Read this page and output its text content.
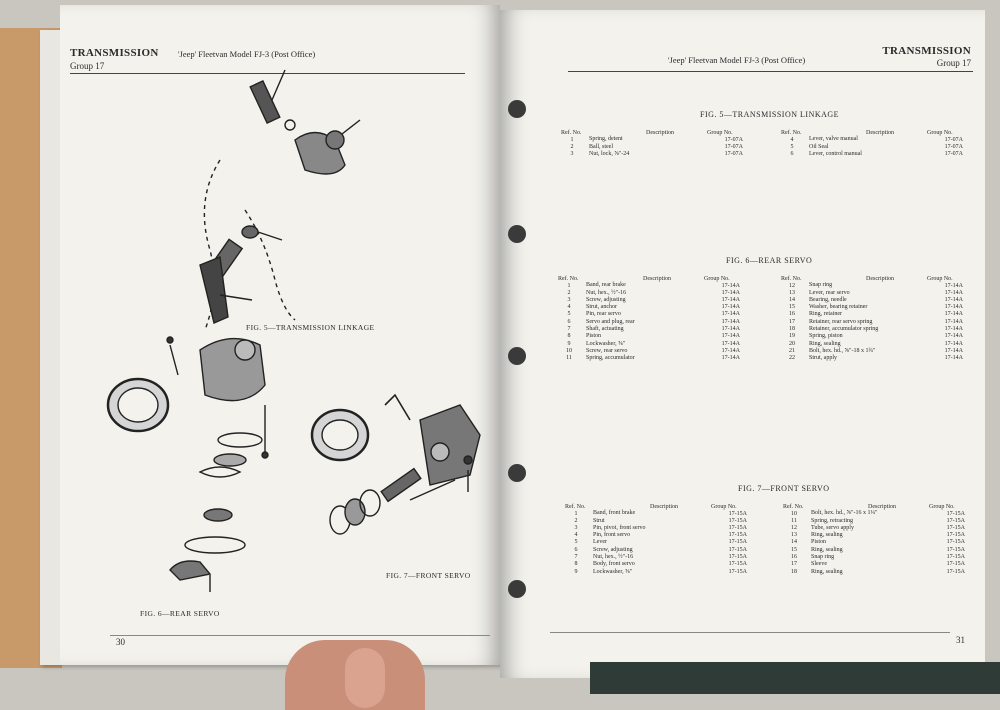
TRANSMISSION
Group 17
'Jeep' Fleetvan Model FJ-3 (Post Office)
FIG. 5—TRANSMISSION LINKAGE
FIG. 6—REAR SERVO
FIG. 7—FRONT SERVO
30
'Jeep' Fleetvan Model FJ-3 (Post Office)
TRANSMISSION
Group 17
FIG. 5—TRANSMISSION LINKAGE
Ref. No.	Description	Group No.
1	Spring, detent	17-07A
2	Ball, steel	17-07A
3	Nut, lock, ⅝"-24	17-07A
Ref. No.	Description	Group No.
4	Lever, valve manual	17-07A
5	Oil Seal	17-07A
6	Lever, control manual	17-07A
FIG. 6—REAR SERVO
Ref. No.	Description	Group No.
1	Band, rear brake	17-14A
2	Nut, hex., ½"-16	17-14A
3	Screw, adjusting	17-14A
4	Strut, anchor	17-14A
5	Pin, rear servo	17-14A
6	Servo and plug, rear	17-14A
7	Shaft, actuating	17-14A
8	Piston	17-14A
9	Lockwasher, ⅝"	17-14A
10	Screw, rear servo	17-14A
11	Spring, accumulator	17-14A
Ref. No.	Description	Group No.
12	Snap ring	17-14A
13	Lever, rear servo	17-14A
14	Bearing, needle	17-14A
15	Washer, bearing retainer	17-14A
16	Ring, retainer	17-14A
17	Retainer, rear servo spring	17-14A
18	Retainer, accumulator spring	17-14A
19	Spring, piston	17-14A
20	Ring, sealing	17-14A
21	Bolt, hex. hd., ⅝"-18 x 1¾"	17-14A
22	Strut, apply	17-14A
FIG. 7—FRONT SERVO
Ref. No.	Description	Group No.
1	Band, front brake	17-15A
2	Strut	17-15A
3	Pin, pivot, front servo	17-15A
4	Pin, front servo	17-15A
5	Lever	17-15A
6	Screw, adjusting	17-15A
7	Nut, hex., ½"-16	17-15A
8	Body, front servo	17-15A
9	Lockwasher, ⅝"	17-15A
Ref. No.	Description	Group No.
10	Bolt, hex. hd., ⅝"-16 x 1¼"	17-15A
11	Spring, retracting	17-15A
12	Tube, servo apply	17-15A
13	Ring, sealing	17-15A
14	Piston	17-15A
15	Ring, sealing	17-15A
16	Snap ring	17-15A
17	Sleeve	17-15A
18	Ring, sealing	17-15A
31
